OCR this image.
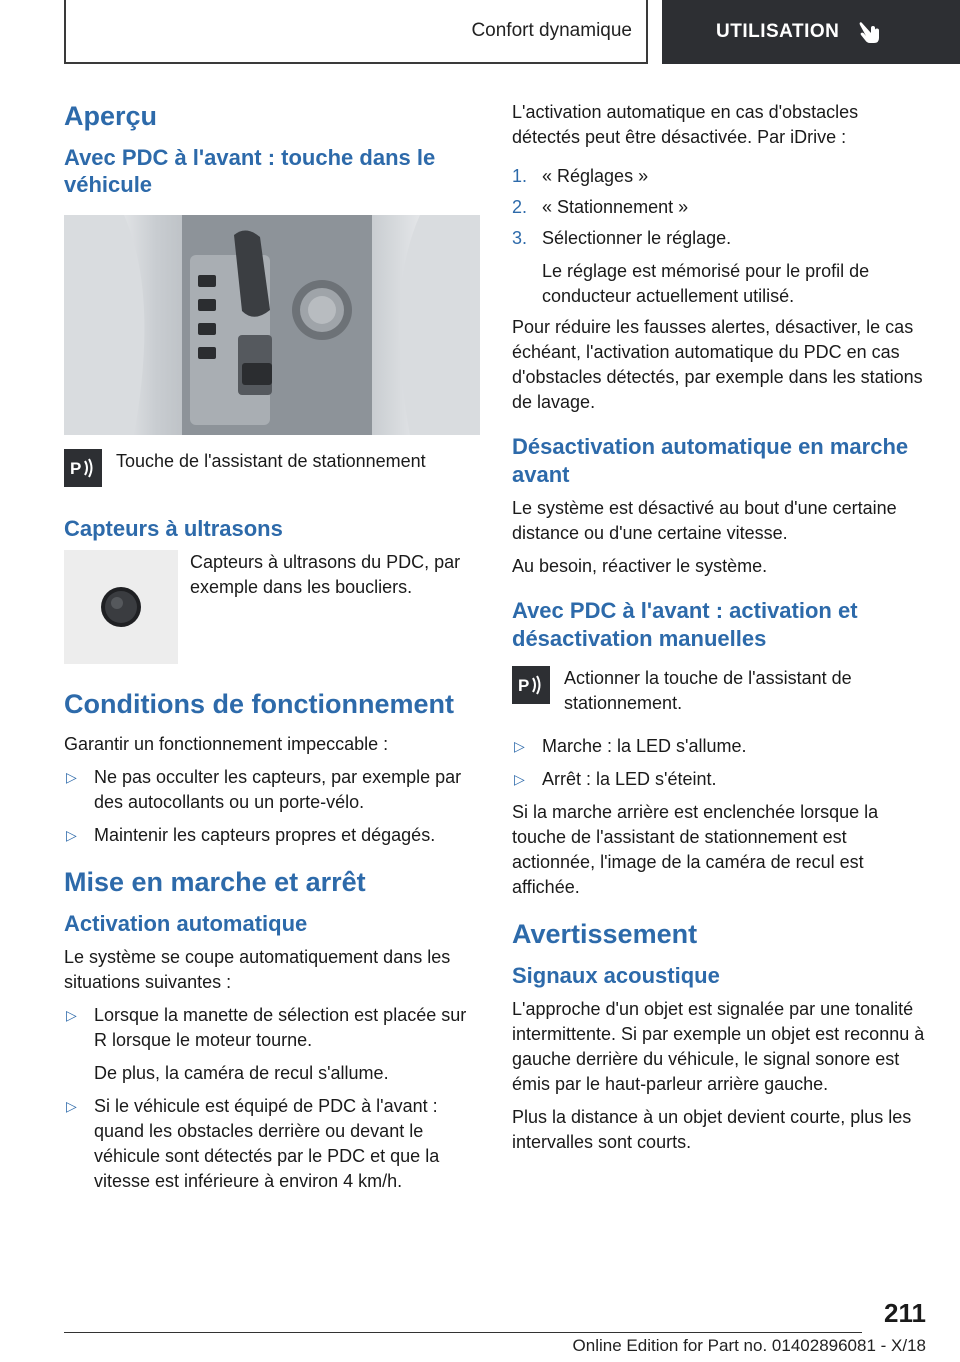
Confort dynamique	UTILISATION
Aperçu
Avec PDC à l'avant : touche dans le véhicule
P Touche de l'assistant de stationnement

Capteurs à ultrasons

Capteurs à ultrasons du PDC, par exemple dans les boucliers.

Conditions de fonctionnement

Garantir un fonctionnement impeccable :

▷ Ne pas occulter les capteurs, par exemple par des autocollants ou un porte-vélo.
▷ Maintenir les capteurs propres et dégagés.
Mise en marche et arrêt
Activation automatique

Le système se coupe automatiquement dans les situations suivantes :

▷ Lorsque la manette de sélection est placée sur R lorsque le moteur tourne.
De plus, la caméra de recul s'allume.
▷ Si le véhicule est équipé de PDC à l'avant : quand les obstacles derrière ou devant le véhicule sont détectés par le PDC et que la vitesse est inférieure à environ 4 km/h.

L'activation automatique en cas d'obstacles détectés peut être désactivée. Par iDrive :

1. « Réglages »
2. « Stationnement »
3. Sélectionner le réglage.
Le réglage est mémorisé pour le profil de conducteur actuellement utilisé.

Pour réduire les fausses alertes, désactiver, le cas échéant, l'activation automatique du PDC en cas d'obstacles détectés, par exemple dans les stations de lavage.

Désactivation automatique en marche avant

Le système est désactivé au bout d'une certaine distance ou d'une certaine vitesse.

Au besoin, réactiver le système.

Avec PDC à l'avant : activation et désactivation manuelles
P Actionner la touche de l'assistant de stationnement.

▷ Marche : la LED s'allume.
▷ Arrêt : la LED s'éteint.

Si la marche arrière est enclenchée lorsque la touche de l'assistant de stationnement est actionnée, l'image de la caméra de recul est affichée.

Avertissement
Signaux acoustique

L'approche d'un objet est signalée par une tonalité intermittente. Si par exemple un objet est reconnu à gauche derrière du véhicule, le signal sonore est émis par le haut-parleur arrière gauche.

Plus la distance à un objet devient courte, plus les intervalles sont courts.

211
Online Edition for Part no. 01402896081 - X/18
